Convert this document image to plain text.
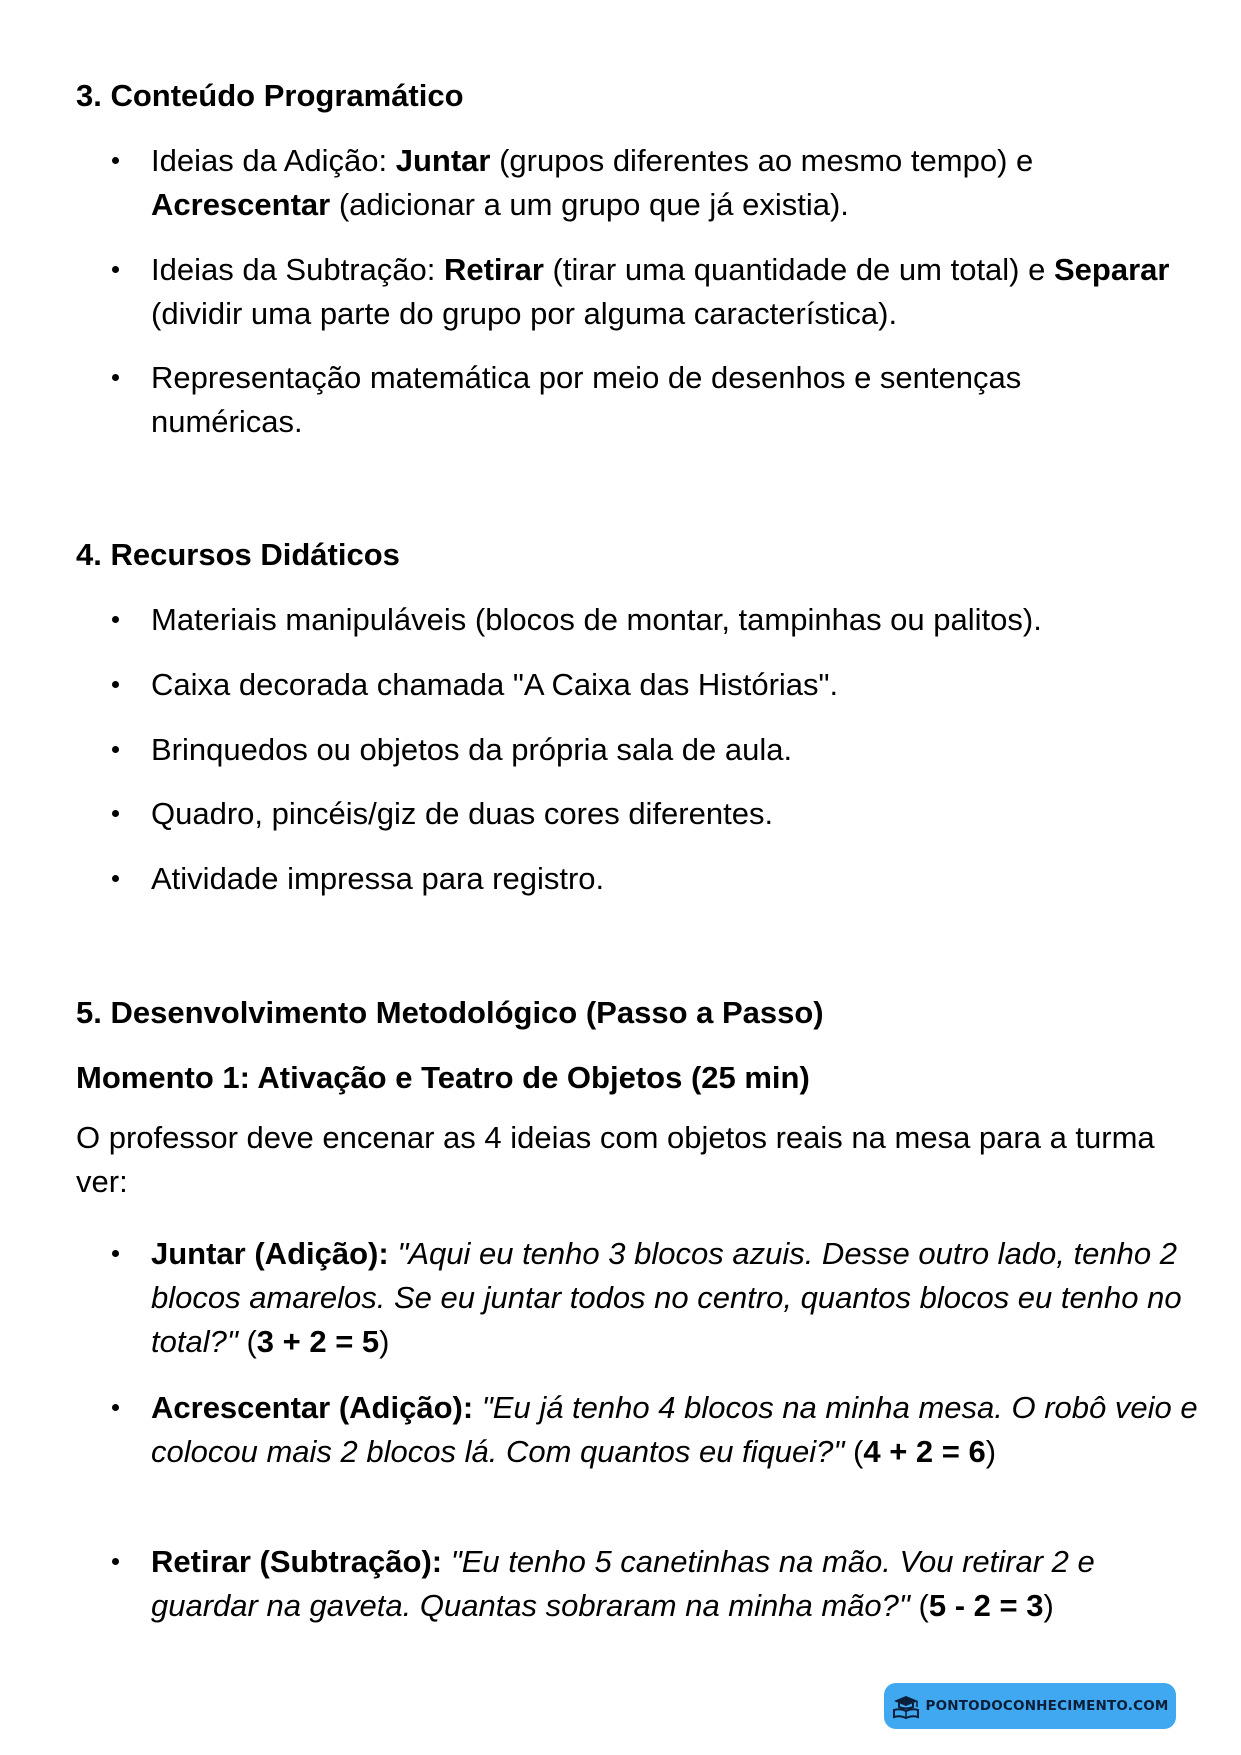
3. Conteúdo Programático
Ideias da Adição: Juntar (grupos diferentes ao mesmo tempo) e Acrescentar (adicionar a um grupo que já existia).
Ideias da Subtração: Retirar (tirar uma quantidade de um total) e Separar (dividir uma parte do grupo por alguma característica).
Representação matemática por meio de desenhos e sentenças numéricas.
4. Recursos Didáticos
Materiais manipuláveis (blocos de montar, tampinhas ou palitos).
Caixa decorada chamada "A Caixa das Histórias".
Brinquedos ou objetos da própria sala de aula.
Quadro, pincéis/giz de duas cores diferentes.
Atividade impressa para registro.
5. Desenvolvimento Metodológico (Passo a Passo)
Momento 1: Ativação e Teatro de Objetos (25 min)

O professor deve encenar as 4 ideias com objetos reais na mesa para a turma ver:

Juntar (Adição): "Aqui eu tenho 3 blocos azuis. Desse outro lado, tenho 2 blocos amarelos. Se eu juntar todos no centro, quantos blocos eu tenho no total?" (3 + 2 = 5)
Acrescentar (Adição): "Eu já tenho 4 blocos na minha mesa. O robô veio e colocou mais 2 blocos lá. Com quantos eu fiquei?" (4 + 2 = 6)
Retirar (Subtração): "Eu tenho 5 canetinhas na mão. Vou retirar 2 e guardar na gaveta. Quantas sobraram na minha mão?" (5 - 2 = 3)
PONTODOCONHECIMENTO.COM
